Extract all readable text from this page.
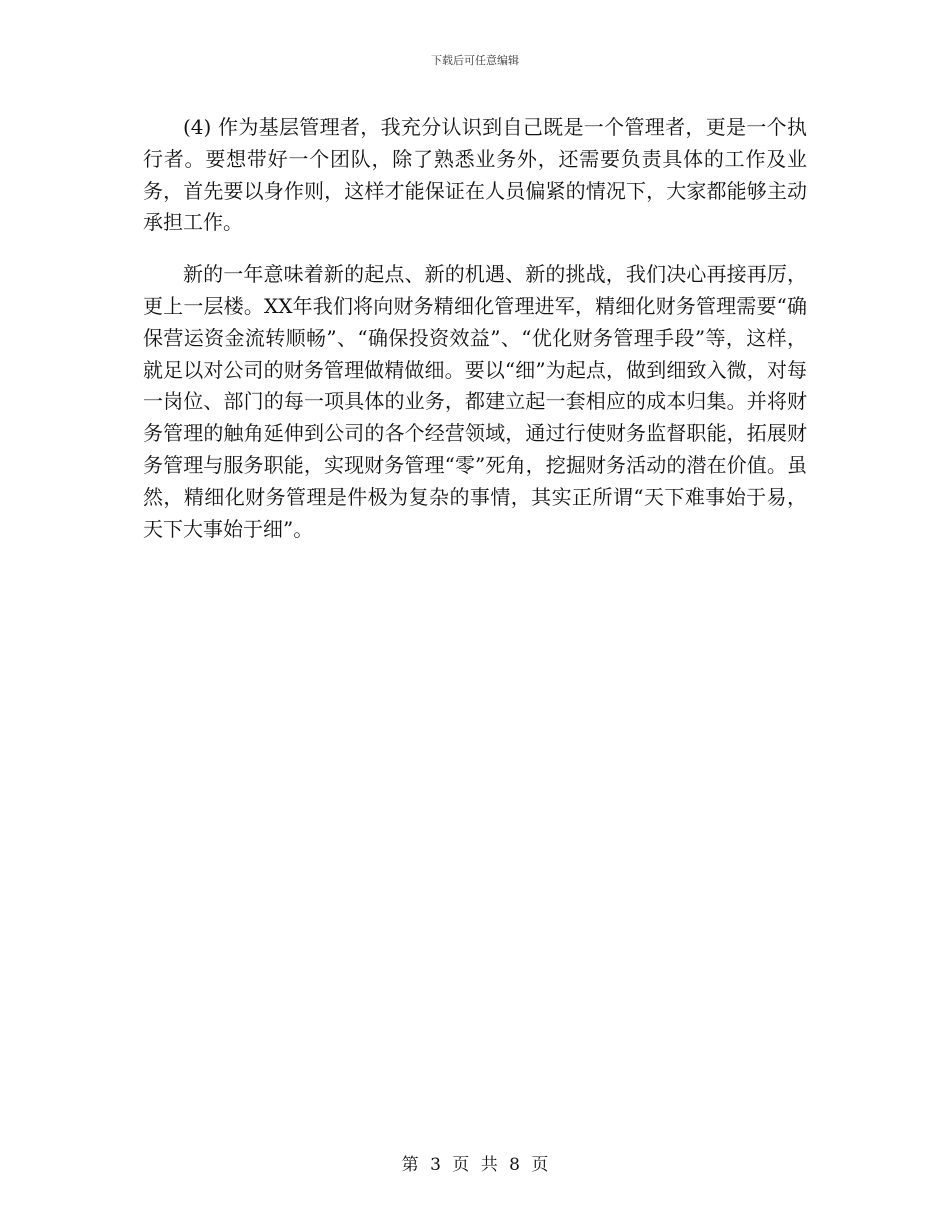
下载后可任意编辑

(4) 作为基层管理者，我充分认识到自己既是一个管理者，更是一个执行者。要想带好一个团队，除了熟悉业务外，还需要负责具体的工作及业务，首先要以身作则，这样才能保证在人员偏紧的情况下，大家都能够主动承担工作。

新的一年意味着新的起点、新的机遇、新的挑战，我们决心再接再厉，更上一层楼。XX年我们将向财务精细化管理进军，精细化财务管理需要“确保营运资金流转顺畅”、“确保投资效益”、“优化财务管理手段”等，这样，就足以对公司的财务管理做精做细。要以“细”为起点，做到细致入微，对每一岗位、部门的每一项具体的业务，都建立起一套相应的成本归集。并将财务管理的触角延伸到公司的各个经营领域，通过行使财务监督职能，拓展财务管理与服务职能，实现财务管理“零”死角，挖掘财务活动的潜在价值。虽然，精细化财务管理是件极为复杂的事情，其实正所谓“天下难事始于易，天下大事始于细”。

第 3 页 共 8 页
